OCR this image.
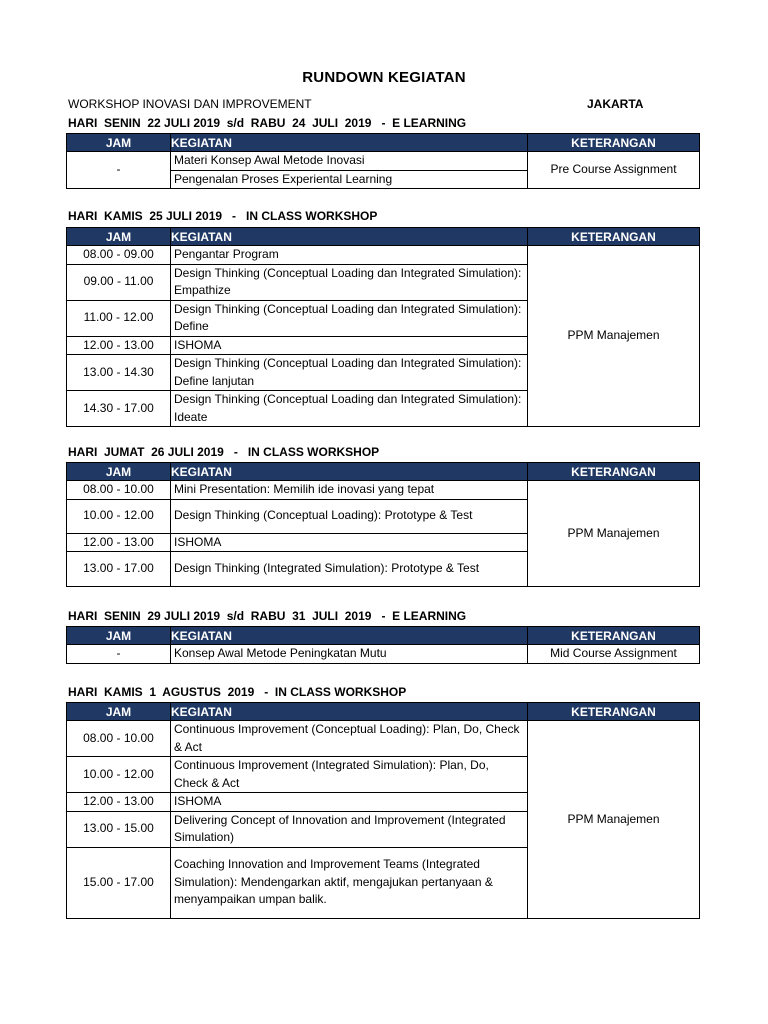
RUNDOWN KEGIATAN
WORKSHOP INOVASI DAN IMPROVEMENT	JAKARTA
HARI  SENIN  22 JULI 2019  s/d  RABU  24  JULI  2019   -  E LEARNING
JAM	KEGIATAN	KETERANGAN
-	Materi Konsep Awal Metode Inovasi	Pre Course Assignment
	Pengenalan Proses Experiental Learning	
HARI  KAMIS  25 JULI 2019   -   IN CLASS WORKSHOP
JAM	KEGIATAN	KETERANGAN
08.00 - 09.00	Pengantar Program	PPM Manajemen
09.00 - 11.00	Design Thinking (Conceptual Loading dan Integrated Simulation): Empathize	
11.00 - 12.00	Design Thinking (Conceptual Loading dan Integrated Simulation): Define	
12.00 - 13.00	ISHOMA	
13.00 - 14.30	Design Thinking (Conceptual Loading dan Integrated Simulation): Define lanjutan	
14.30 - 17.00	Design Thinking (Conceptual Loading dan Integrated Simulation): Ideate	
HARI  JUMAT  26 JULI 2019   -   IN CLASS WORKSHOP
JAM	KEGIATAN	KETERANGAN
08.00 - 10.00	Mini Presentation: Memilih ide inovasi yang tepat	PPM Manajemen
10.00 - 12.00	Design Thinking (Conceptual Loading): Prototype & Test	
12.00 - 13.00	ISHOMA	
13.00 - 17.00	Design Thinking (Integrated Simulation): Prototype & Test	
HARI  SENIN  29 JULI 2019  s/d  RABU  31  JULI  2019   -  E LEARNING
JAM	KEGIATAN	KETERANGAN
-	Konsep Awal Metode Peningkatan Mutu	Mid Course Assignment
HARI  KAMIS  1  AGUSTUS  2019   -  IN CLASS WORKSHOP
JAM	KEGIATAN	KETERANGAN
08.00 - 10.00	Continuous Improvement (Conceptual Loading): Plan, Do, Check & Act	PPM Manajemen
10.00 - 12.00	Continuous Improvement (Integrated Simulation): Plan, Do, Check & Act	
12.00 - 13.00	ISHOMA	
13.00 - 15.00	Delivering Concept of Innovation and Improvement (Integrated Simulation)	
15.00 - 17.00	Coaching Innovation and Improvement Teams (Integrated Simulation): Mendengarkan aktif, mengajukan pertanyaan & menyampaikan umpan balik.	
